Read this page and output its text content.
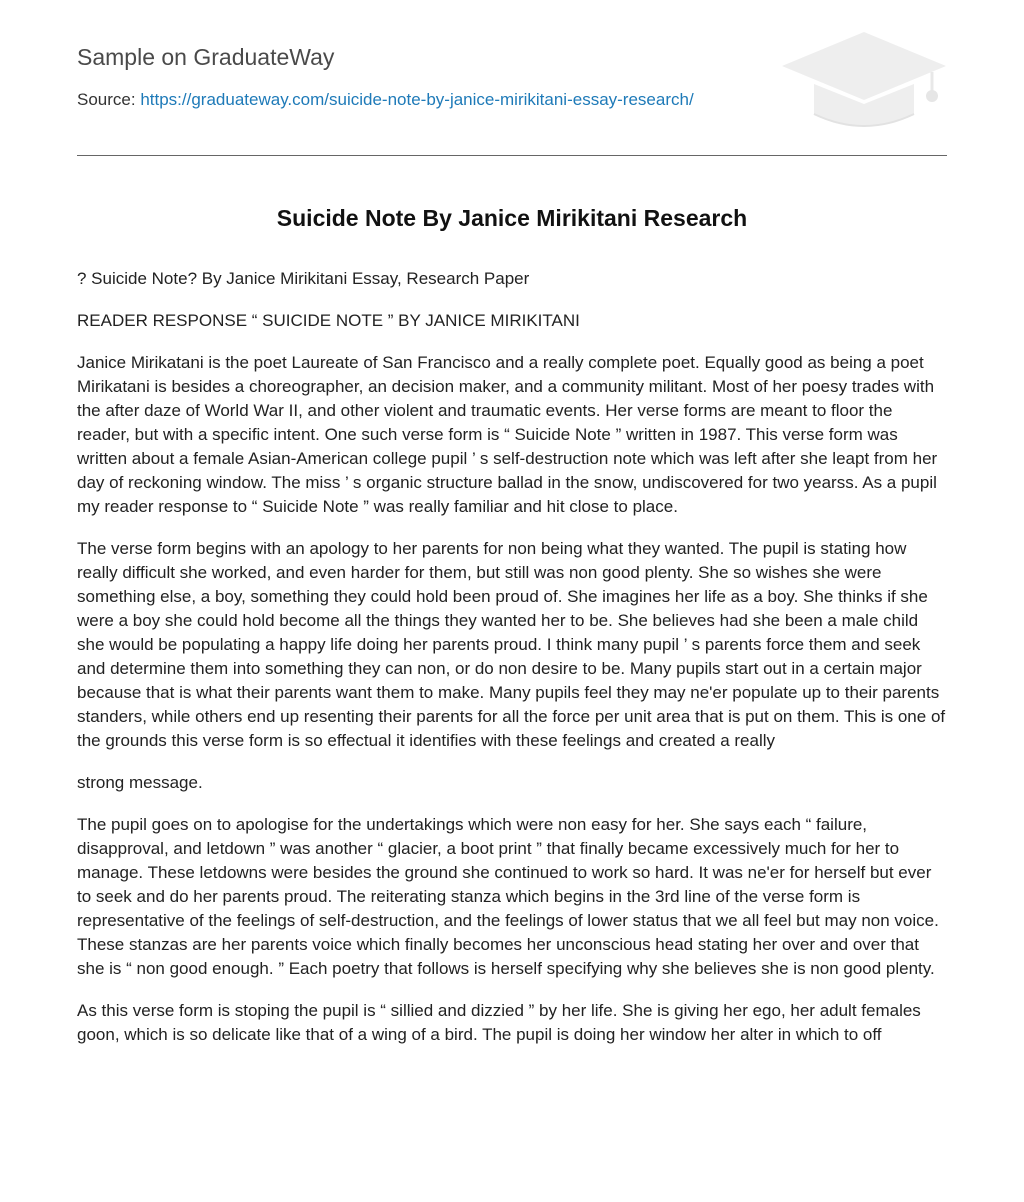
Sample on GraduateWay
Source: https://graduateway.com/suicide-note-by-janice-mirikitani-essay-research/
Suicide Note By Janice Mirikitani Research

? Suicide Note? By Janice Mirikitani Essay, Research Paper

READER RESPONSE “ SUICIDE NOTE ” BY JANICE MIRIKITANI

Janice Mirikatani is the poet Laureate of San Francisco and a really complete poet. Equally good as being a poet Mirikatani is besides a choreographer, an decision maker, and a community militant. Most of her poesy trades with the after daze of World War II, and other violent and traumatic events. Her verse forms are meant to floor the reader, but with a specific intent. One such verse form is “ Suicide Note ” written in 1987. This verse form was written about a female Asian-American college pupil ’ s self-destruction note which was left after she leapt from her day of reckoning window. The miss ’ s organic structure ballad in the snow, undiscovered for two yearss. As a pupil my reader response to “ Suicide Note ” was really familiar and hit close to place.

The verse form begins with an apology to her parents for non being what they wanted. The pupil is stating how really difficult she worked, and even harder for them, but still was non good plenty. She so wishes she were something else, a boy, something they could hold been proud of. She imagines her life as a boy. She thinks if she were a boy she could hold become all the things they wanted her to be. She believes had she been a male child she would be populating a happy life doing her parents proud. I think many pupil ’ s parents force them and seek and determine them into something they can non, or do non desire to be. Many pupils start out in a certain major because that is what their parents want them to make. Many pupils feel they may ne'er populate up to their parents standers, while others end up resenting their parents for all the force per unit area that is put on them. This is one of the grounds this verse form is so effectual it identifies with these feelings and created a really

strong message.

The pupil goes on to apologise for the undertakings which were non easy for her. She says each “ failure, disapproval, and letdown ” was another “ glacier, a boot print ” that finally became excessively much for her to manage. These letdowns were besides the ground she continued to work so hard. It was ne'er for herself but ever to seek and do her parents proud. The reiterating stanza which begins in the 3rd line of the verse form is representative of the feelings of self-destruction, and the feelings of lower status that we all feel but may non voice. These stanzas are her parents voice which finally becomes her unconscious head stating her over and over that she is “ non good enough. ” Each poetry that follows is herself specifying why she believes she is non good plenty.

As this verse form is stoping the pupil is “ sillied and dizzied ” by her life. She is giving her ego, her adult females goon, which is so delicate like that of a wing of a bird. The pupil is doing her window her alter in which to off
